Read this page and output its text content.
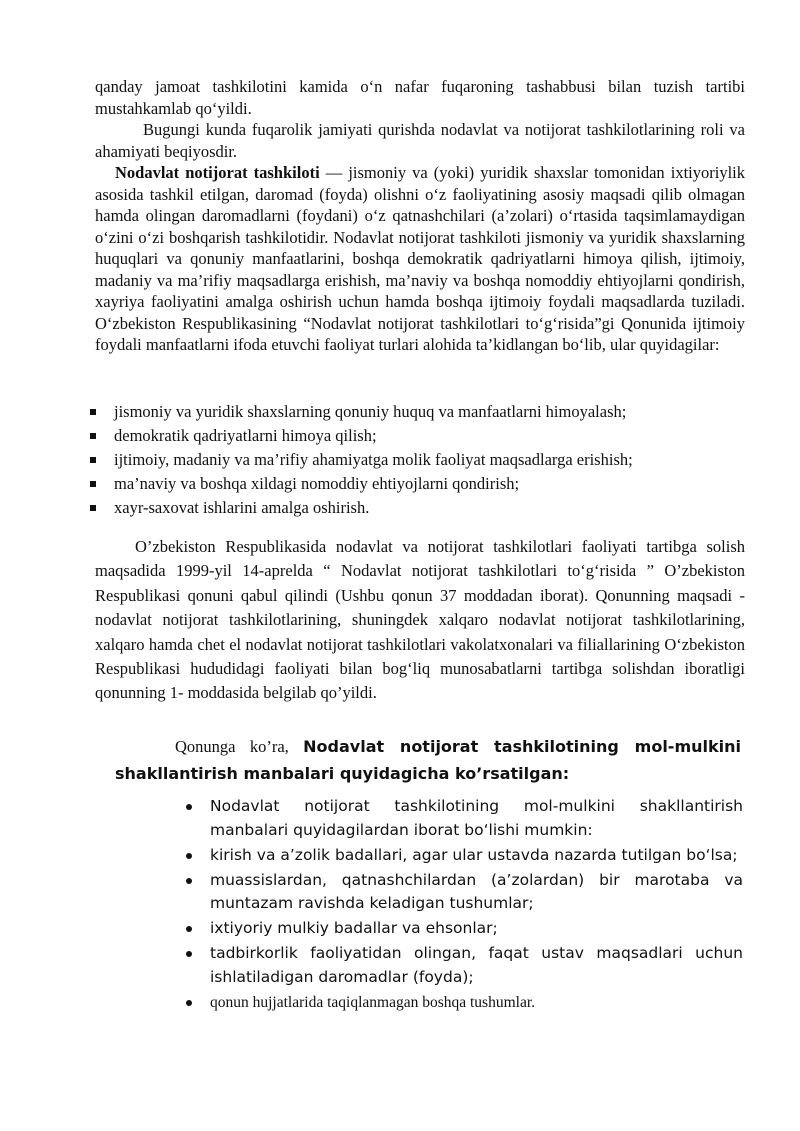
qanday jamoat tashkilotini kamida o‘n nafar fuqaroning tashabbusi bilan tuzish tartibi mustahkamlab qo‘yildi.
Bugungi kunda fuqarolik jamiyati qurishda nodavlat va notijorat tashkilotlarining roli va ahamiyati beqiyosdir.
Nodavlat notijorat tashkiloti — jismoniy va (yoki) yuridik shaxslar tomonidan ixtiyoriylik asosida tashkil etilgan, daromad (foyda) olishni o‘z faoliyatining asosiy maqsadi qilib olmagan hamda olingan daromadlarni (foydani) o‘z qatnashchilari (a’zolari) o‘rtasida taqsimlamaydigan o‘zini o‘zi boshqarish tashkilotidir. Nodavlat notijorat tashkiloti jismoniy va yuridik shaxslarning huquqlari va qonuniy manfaatlarini, boshqa demokratik qadriyatlarni himoya qilish, ijtimoiy, madaniy va ma’rifiy maqsadlarga erishish, ma’naviy va boshqa nomoddiy ehtiyojlarni qondirish, xayriya faoliyatini amalga oshirish uchun hamda boshqa ijtimoiy foydali maqsadlarda tuziladi. O‘zbekiston Respublikasining “Nodavlat notijorat tashkilotlari to‘g‘risida”gi Qonunida ijtimoiy foydali manfaatlarni ifoda etuvchi faoliyat turlari alohida ta’kidlangan bo‘lib, ular quyidagilar:
jismoniy va yuridik shaxslarning qonuniy huquq va manfaatlarni himoyalash;
demokratik qadriyatlarni himoya qilish;
ijtimoiy, madaniy va ma’rifiy ahamiyatga molik faoliyat maqsadlarga erishish;
ma’naviy va boshqa xildagi nomoddiy ehtiyojlarni qondirish;
xayr-saxovat ishlarini amalga oshirish.
O’zbekiston Respublikasida nodavlat va notijorat tashkilotlari faoliyati tartibga solish maqsadida 1999-yil 14-aprelda “ Nodavlat notijorat tashkilotlari to‘g‘risida ” O’zbekiston Respublikasi qonuni qabul qilindi (Ushbu qonun 37 moddadan iborat). Qonunning maqsadi - nodavlat notijorat tashkilotlarining, shuningdek xalqaro nodavlat notijorat tashkilotlarining, xalqaro hamda chet el nodavlat notijorat tashkilotlari vakolatxonalari va filiallarining O‘zbekiston Respublikasi hududidagi faoliyati bilan bog‘liq munosabatlarni tartibga solishdan iboratligi qonunning 1- moddasida belgilab qo’yildi.
Qonunga ko’ra, Nodavlat notijorat tashkilotining mol-mulkini shakllantirish manbalari quyidagicha ko’rsatilgan:
Nodavlat notijorat tashkilotining mol-mulkini shakllantirish manbalari quyidagilardan iborat bo‘lishi mumkin:
kirish va a’zolik badallari, agar ular ustavda nazarda tutilgan bo‘lsa;
muassislardan, qatnashchilardan (a’zolardan) bir marotaba va muntazam ravishda keladigan tushumlar;
ixtiyoriy mulkiy badallar va ehsonlar;
tadbirkorlik faoliyatidan olingan, faqat ustav maqsadlari uchun ishlatiladigan daromadlar (foyda);
qonun hujjatlarida taqiqlanmagan boshqa tushumlar.
